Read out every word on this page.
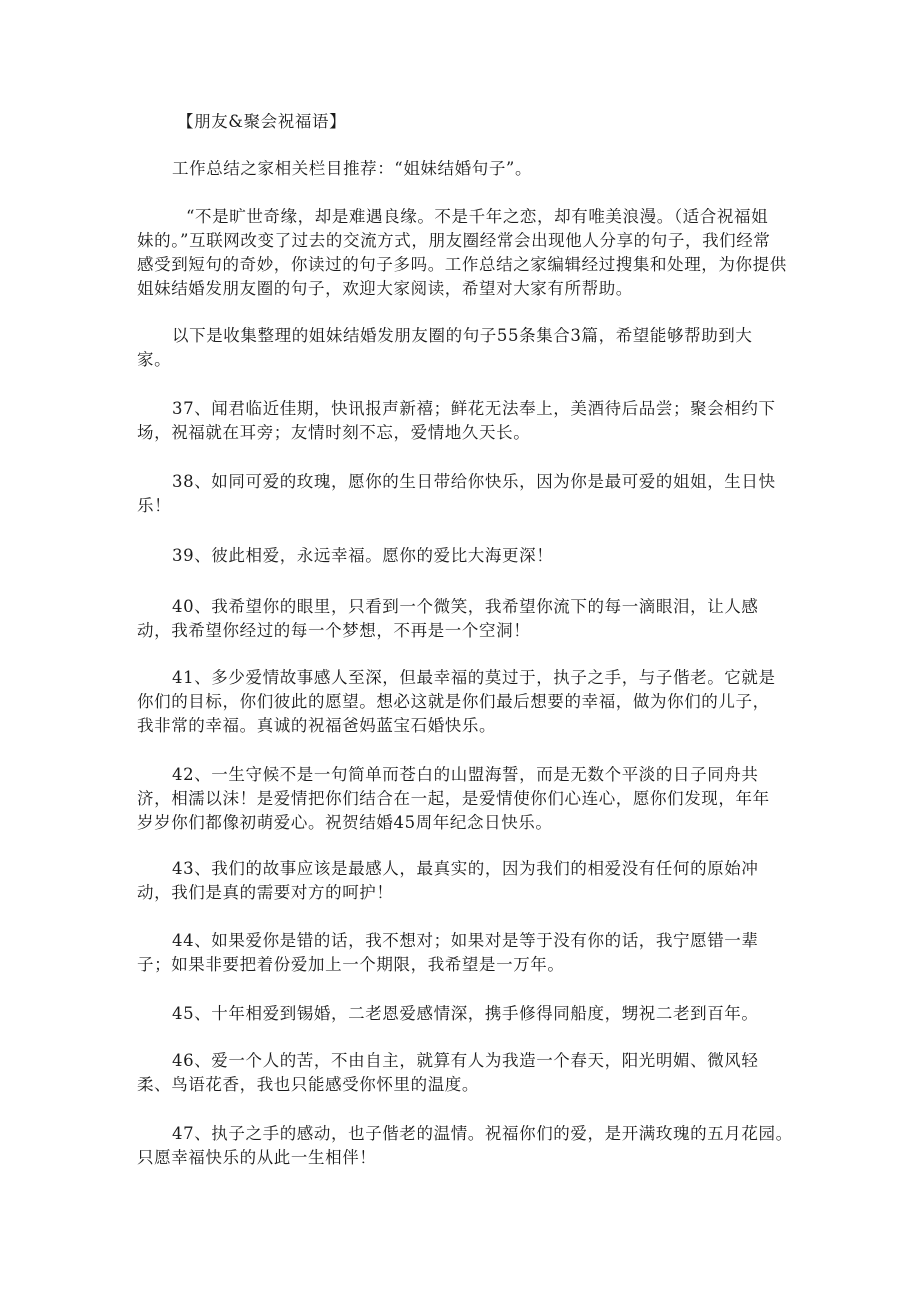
【朋友&聚会祝福语】
工作总结之家相关栏目推荐：“姐妹结婚句子”。
“不是旷世奇缘，却是难遇良缘。不是千年之恋，却有唯美浪漫。（适合祝福姐
妹的。”互联网改变了过去的交流方式，朋友圈经常会出现他人分享的句子，我们经常
感受到短句的奇妙，你读过的句子多吗。工作总结之家编辑经过搜集和处理，为你提供
姐妹结婚发朋友圈的句子，欢迎大家阅读，希望对大家有所帮助。
以下是收集整理的姐妹结婚发朋友圈的句子55条集合3篇，希望能够帮助到大
家。
37、闻君临近佳期，快讯报声新禧；鲜花无法奉上，美酒待后品尝；聚会相约下
场，祝福就在耳旁；友情时刻不忘，爱情地久天长。
38、如同可爱的玫瑰，愿你的生日带给你快乐，因为你是最可爱的姐姐，生日快
乐！
39、彼此相爱，永远幸福。愿你的爱比大海更深！
40、我希望你的眼里，只看到一个微笑，我希望你流下的每一滴眼泪，让人感
动，我希望你经过的每一个梦想，不再是一个空洞！
41、多少爱情故事感人至深，但最幸福的莫过于，执子之手，与子偕老。它就是
你们的目标，你们彼此的愿望。想必这就是你们最后想要的幸福，做为你们的儿子，
我非常的幸福。真诚的祝福爸妈蓝宝石婚快乐。
42、一生守候不是一句简单而苍白的山盟海誓，而是无数个平淡的日子同舟共
济，相濡以沫！是爱情把你们结合在一起，是爱情使你们心连心，愿你们发现，年年
岁岁你们都像初萌爱心。祝贺结婚45周年纪念日快乐。
43、我们的故事应该是最感人，最真实的，因为我们的相爱没有任何的原始冲
动，我们是真的需要对方的呵护！
44、如果爱你是错的话，我不想对；如果对是等于没有你的话，我宁愿错一辈
子；如果非要把着份爱加上一个期限，我希望是一万年。
45、十年相爱到锡婚，二老恩爱感情深，携手修得同船度，甥祝二老到百年。
46、爱一个人的苦，不由自主，就算有人为我造一个春天，阳光明媚、微风轻
柔、鸟语花香，我也只能感受你怀里的温度。
47、执子之手的感动，也子偕老的温情。祝福你们的爱，是开满玫瑰的五月花园。
只愿幸福快乐的从此一生相伴！
